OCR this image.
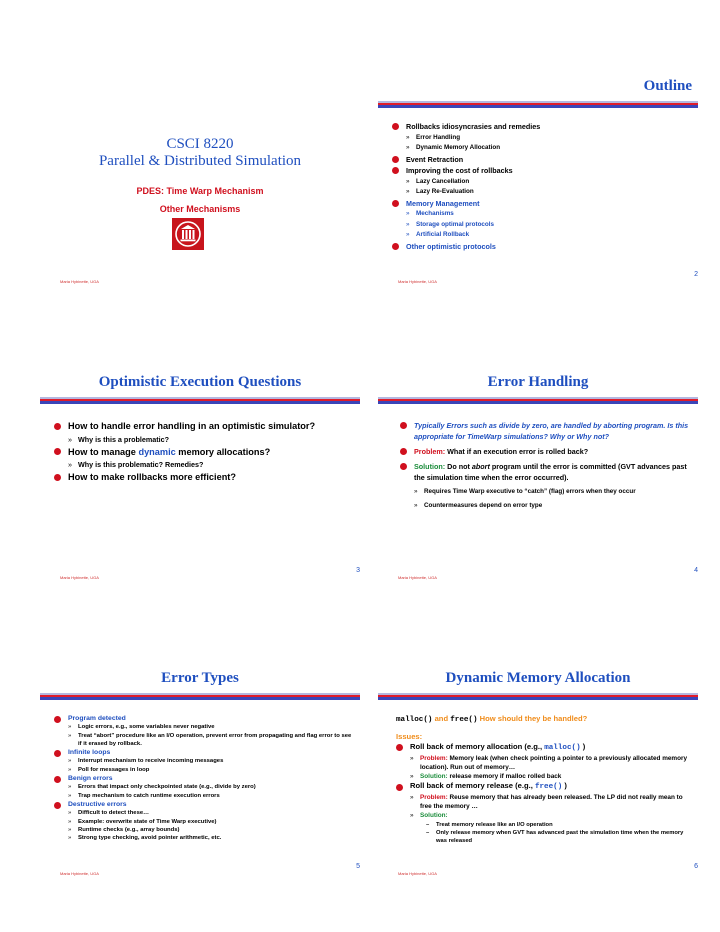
CSCI 8220
Parallel & Distributed Simulation
PDES: Time Warp Mechanism
Other Mechanisms
Maria Hybinette, UGA
Outline
Rollbacks idiosyncrasies and remedies
» Error Handling
» Dynamic Memory Allocation
Event Retraction
Improving the cost of rollbacks
» Lazy Cancellation
» Lazy Re-Evaluation
Memory Management
» Mechanisms
» Storage optimal protocols
» Artificial Rollback
Other optimistic protocols
2
Maria Hybinette, UGA
Optimistic Execution Questions
How to handle error handling in an optimistic simulator?
» Why is this a problematic?
How to manage dynamic memory allocations?
» Why is this problematic? Remedies?
How to make rollbacks more efficient?
3
Maria Hybinette, UGA
Error Handling
Typically Errors such as divide by zero, are handled by aborting program. Is this appropriate for TimeWarp simulations? Why or Why not?
Problem: What if an execution error is rolled back?
Solution: Do not abort program until the error is committed (GVT advances past the simulation time when the error occurred).
» Requires Time Warp executive to “catch” (flag) errors when they occur
» Countermeasures depend on error type
4
Maria Hybinette, UGA
Error Types
Program detected
» Logic errors, e.g., some variables never negative
» Treat “abort” procedure like an I/O operation, prevent error from propagating and flag error to see if it erased by rollback.
Infinite loops
» Interrupt mechanism to receive incoming messages
» Poll for messages in loop
Benign errors
» Errors that impact only checkpointed state (e.g., divide by zero)
» Trap mechanism to catch runtime execution errors
Destructive errors
» Difficult to detect these…
» Example: overwrite state of Time Warp executive)
» Runtime checks (e.g., array bounds)
» Strong type checking, avoid pointer arithmetic, etc.
5
Maria Hybinette, UGA
Dynamic Memory Allocation
malloc() and free() How should they be handled?
Issues:
Roll back of memory allocation (e.g., malloc() )
» Problem: Memory leak (when check pointing a pointer to a previously allocated memory location). Run out of memory…
» Solution: release memory if malloc rolled back
Roll back of memory release (e.g., free() )
» Problem: Reuse memory that has already been released. The LP did not really mean to free the memory …
» Solution:
– Treat memory release like an I/O operation
– Only release memory when GVT has advanced past the simulation time when the memory was released
6
Maria Hybinette, UGA
